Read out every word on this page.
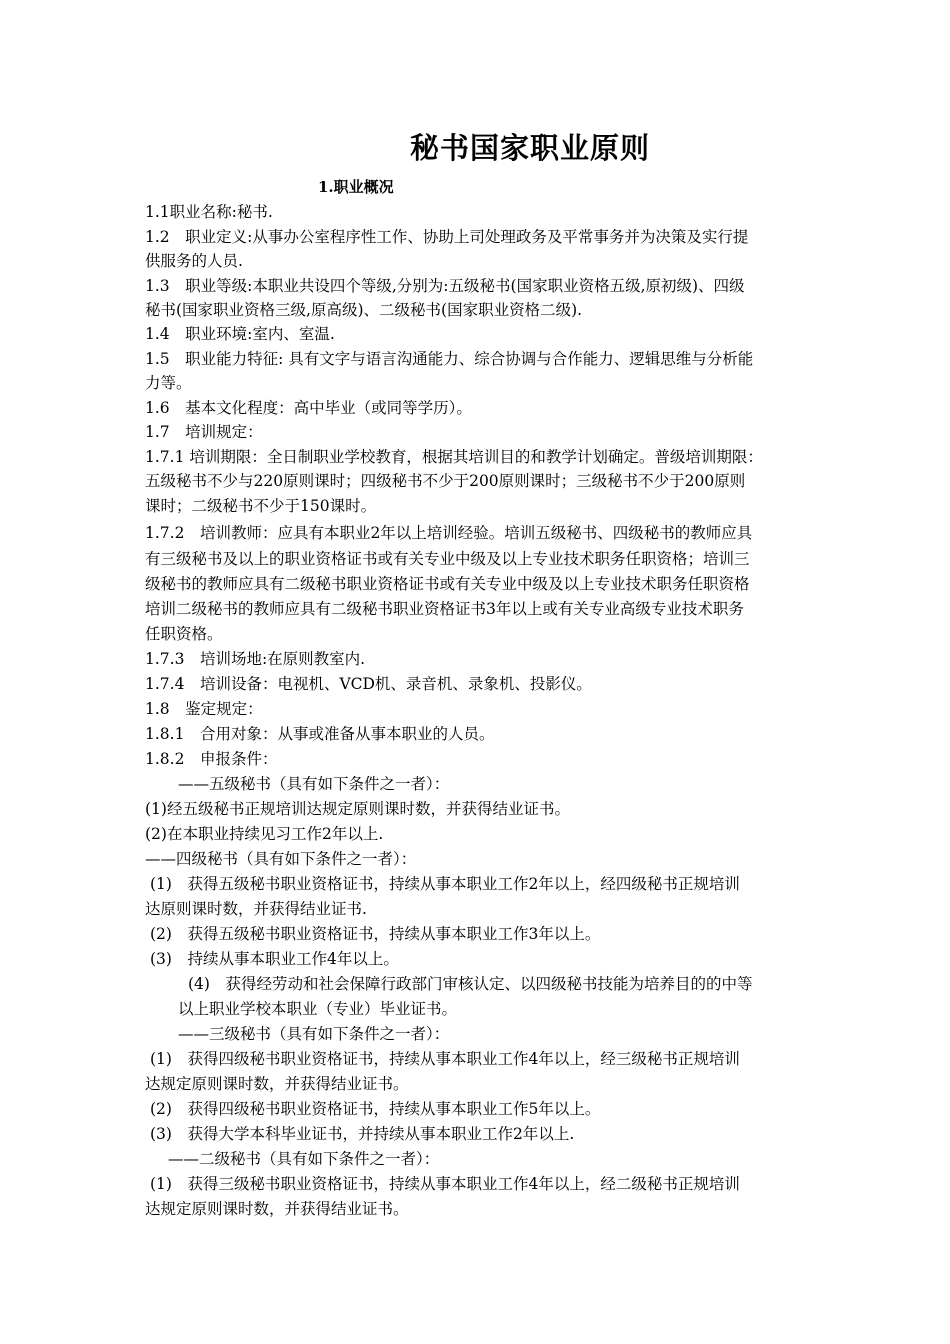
秘书国家职业原则
1.职业概况
1.1职业名称:秘书.
1.2　职业定义:从事办公室程序性工作、协助上司处理政务及平常事务并为决策及实行提
供服务的人员.
1.3　职业等级:本职业共设四个等级,分别为:五级秘书(国家职业资格五级,原初级)、四级
秘书(国家职业资格三级,原高级)、二级秘书(国家职业资格二级).
1.4　职业环境:室内、室温.
1.5　职业能力特征: 具有文字与语言沟通能力、综合协调与合作能力、逻辑思维与分析能
力等。
1.6　基本文化程度：高中毕业（或同等学历）。
1.7　培训规定：
1.7.1 培训期限：全日制职业学校教育，根据其培训目的和教学计划确定。普级培训期限：
五级秘书不少与220原则课时；四级秘书不少于200原则课时；三级秘书不少于200原则
课时；二级秘书不少于150课时。
1.7.2　培训教师：应具有本职业2年以上培训经验。培训五级秘书、四级秘书的教师应具
有三级秘书及以上的职业资格证书或有关专业中级及以上专业技术职务任职资格；培训三
级秘书的教师应具有二级秘书职业资格证书或有关专业中级及以上专业技术职务任职资格
培训二级秘书的教师应具有二级秘书职业资格证书3年以上或有关专业高级专业技术职务
任职资格。
1.7.3　培训场地:在原则教室内.
1.7.4　培训设备：电视机、VCD机、录音机、录象机、投影仪。
1.8　鉴定规定：
1.8.1　合用对象：从事或准备从事本职业的人员。
1.8.2　申报条件：
——五级秘书（具有如下条件之一者）：
(1)经五级秘书正规培训达规定原则课时数，并获得结业证书。
(2)在本职业持续见习工作2年以上.
——四级秘书（具有如下条件之一者）：
(1)　获得五级秘书职业资格证书，持续从事本职业工作2年以上，经四级秘书正规培训
达原则课时数，并获得结业证书.
(2)　获得五级秘书职业资格证书，持续从事本职业工作3年以上。
(3)　持续从事本职业工作4年以上。
(4)　获得经劳动和社会保障行政部门审核认定、以四级秘书技能为培养目的的中等
以上职业学校本职业（专业）毕业证书。
——三级秘书（具有如下条件之一者）：
(1)　获得四级秘书职业资格证书，持续从事本职业工作4年以上，经三级秘书正规培训
达规定原则课时数，并获得结业证书。
(2)　获得四级秘书职业资格证书，持续从事本职业工作5年以上。
(3)　获得大学本科毕业证书，并持续从事本职业工作2年以上.
——二级秘书（具有如下条件之一者）：
(1)　获得三级秘书职业资格证书，持续从事本职业工作4年以上，经二级秘书正规培训
达规定原则课时数，并获得结业证书。
